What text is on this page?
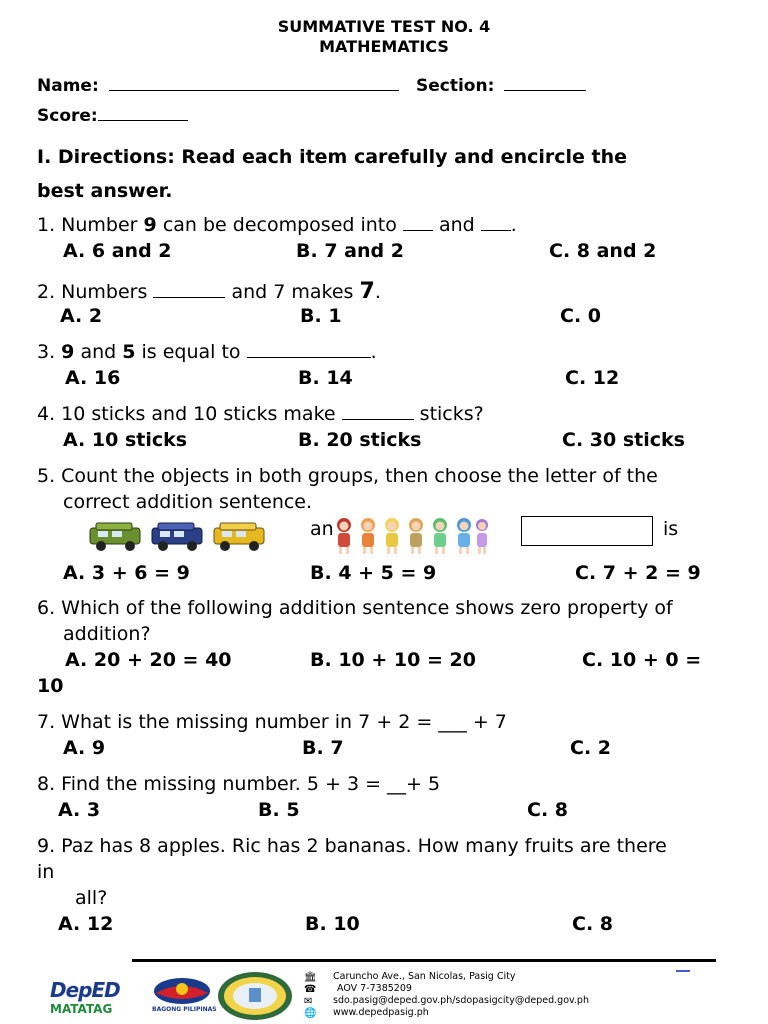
SUMMATIVE TEST NO. 4
MATHEMATICS
Name:	Section:
Score:
I. Directions: Read each item carefully and encircle the
best answer.
1. Number 9 can be decomposed into  and .
A. 6 and 2	B. 7 and 2	C. 8 and 2
2. Numbers	and 7 makes 7.
A. 2	B. 1	C. 0
3. 9 and 5 is equal to	.
A. 16	B. 14	C. 12
4. 10 sticks and 10 sticks make	sticks?
A. 10 sticks	B. 20 sticks	C. 30 sticks
5. Count the objects in both groups, then choose the letter of the
correct addition sentence.
an	is
A. 3 + 6 = 9	B. 4 + 5 = 9	C. 7 + 2 = 9
6. Which of the following addition sentence shows zero property of
addition?
A. 20 + 20 = 40	B. 10 + 10 = 20	C. 10 + 0 =
10
7. What is the missing number in 7 + 2 = ___ + 7
A. 9	B. 7	C. 2
8. Find the missing number. 5 + 3 = __+ 5
A. 3	B. 5	C. 8
9. Paz has 8 apples. Ric has 2 bananas. How many fruits are there
in
all?
A. 12	B. 10	C. 8
DepED
MATATAG	BAGONG PILIPINAS
🏛
☎
✉
🌐
Caruncho Ave., San Nicolas, Pasig City
AOV 7-7385209
sdo.pasig@deped.gov.ph/sdopasigcity@deped.gov.ph
www.depedpasig.ph
